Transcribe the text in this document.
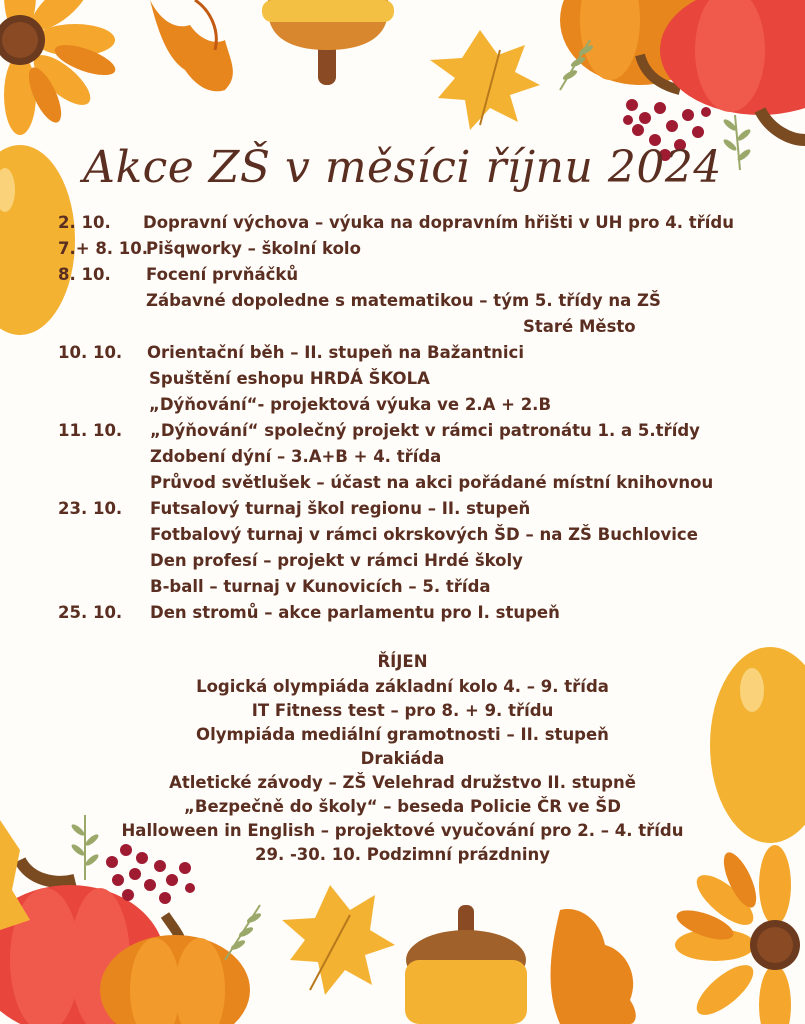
Akce ZŠ v měsíci říjnu 2024
2. 10. Dopravní výchova – výuka na dopravním hřišti v UH pro 4. třídu
7.+ 8. 10.
Pišqworky – školní kolo
8. 10. Focení prvňáčků
Zábavné dopoledne s matematikou – tým 5. třídy na ZŠ
Staré Město
10. 10. Orientační běh – II. stupeň na Bažantnici
Spuštění eshopu HRDÁ ŠKOLA
„Dýňování“- projektová výuka ve 2.A + 2.B
11. 10. „Dýňování“ společný projekt v rámci patronátu 1. a 5.třídy
Zdobení dýní – 3.A+B + 4. třída
Průvod světlušek – účast na akci pořádané místní knihovnou
23. 10. Futsalový turnaj škol regionu – II. stupeň
Fotbalový turnaj v rámci okrskových ŠD – na ZŠ Buchlovice
Den profesí – projekt v rámci Hrdé školy
B-ball – turnaj v Kunovicích – 5. třída
25. 10. Den stromů – akce parlamentu pro I. stupeň
ŘÍJEN
Logická olympiáda základní kolo 4. – 9. třída
IT Fitness test – pro 8. + 9. třídu
Olympiáda mediální gramotnosti – II. stupeň
Drakiáda
Atletické závody – ZŠ Velehrad družstvo II. stupně
„Bezpečně do školy“ – beseda Policie ČR ve ŠD
Halloween in English – projektové vyučování pro 2. – 4. třídu
29. -30. 10. Podzimní prázdniny
